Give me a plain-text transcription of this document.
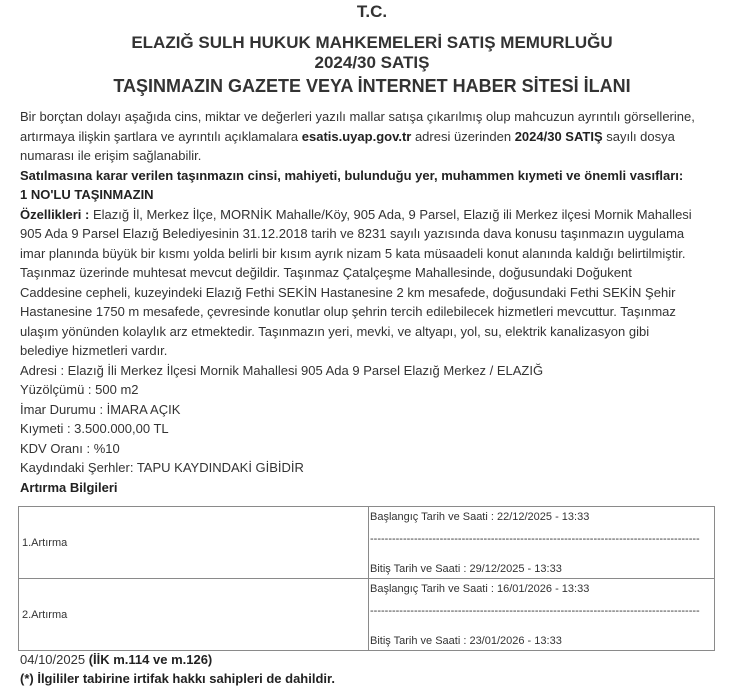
T.C.

ELAZIĞ SULH HUKUK MAHKEMELERİ SATIŞ MEMURLUĞU

2024/30 SATIŞ

TAŞINMAZIN GAZETE VEYA İNTERNET HABER SİTESİ İLANI

Bir borçtan dolayı aşağıda cins, miktar ve değerleri yazılı mallar satışa çıkarılmış olup mahcuzun ayrıntılı görsellerine,

artırmaya ilişkin şartlara ve ayrıntılı açıklamalara esatis.uyap.gov.tr adresi üzerinden 2024/30 SATIŞ sayılı dosya

numarası ile erişim sağlanabilir.

Satılmasına karar verilen taşınmazın cinsi, mahiyeti, bulunduğu yer, muhammen kıymeti ve önemli vasıfları:

1 NO'LU TAŞINMAZIN

Özellikleri : Elazığ İl, Merkez İlçe, MORNİK Mahalle/Köy, 905 Ada, 9 Parsel, Elazığ ili Merkez ilçesi Mornik Mahallesi

905 Ada 9 Parsel Elazığ Belediyesinin 31.12.2018 tarih ve 8231 sayılı yazısında dava konusu taşınmazın uygulama

imar planında büyük bir kısmı yolda belirli bir kısım ayrık nizam 5 kata müsaadeli konut alanında kaldığı belirtilmiştir.

Taşınmaz üzerinde muhtesat mevcut değildir. Taşınmaz Çatalçeşme Mahallesinde, doğusundaki Doğukent

Caddesine cepheli, kuzeyindeki Elazığ Fethi SEKİN Hastanesine 2 km mesafede, doğusundaki Fethi SEKİN Şehir

Hastanesine 1750 m mesafede, çevresinde konutlar olup şehrin tercih edilebilecek hizmetleri mevcuttur. Taşınmaz

ulaşım yönünden kolaylık arz etmektedir. Taşınmazın yeri, mevki, ve altyapı, yol, su, elektrik kanalizasyon gibi

belediye hizmetleri vardır.

Adresi : Elazığ İli Merkez İlçesi Mornik Mahallesi 905 Ada 9 Parsel Elazığ Merkez / ELAZIĞ

Yüzölçümü : 500 m2

İmar Durumu : İMARA AÇIK

Kıymeti : 3.500.000,00 TL

KDV Oranı : %10

Kaydındaki Şerhler: TAPU KAYDINDAKİ GİBİDİR

Artırma Bilgileri

1.Artırma	Başlangıç Tarih ve Saati : 22/12/2025 - 13:33
------------------------------------------------------------------------------------------
Bitiş Tarih ve Saati : 29/12/2025 - 13:33

2.Artırma	Başlangıç Tarih ve Saati : 16/01/2026 - 13:33
------------------------------------------------------------------------------------------
Bitiş Tarih ve Saati : 23/01/2026 - 13:33

04/10/2025 (İİK m.114 ve m.126)

(*) İlgililer tabirine irtifak hakkı sahipleri de dahildir.
